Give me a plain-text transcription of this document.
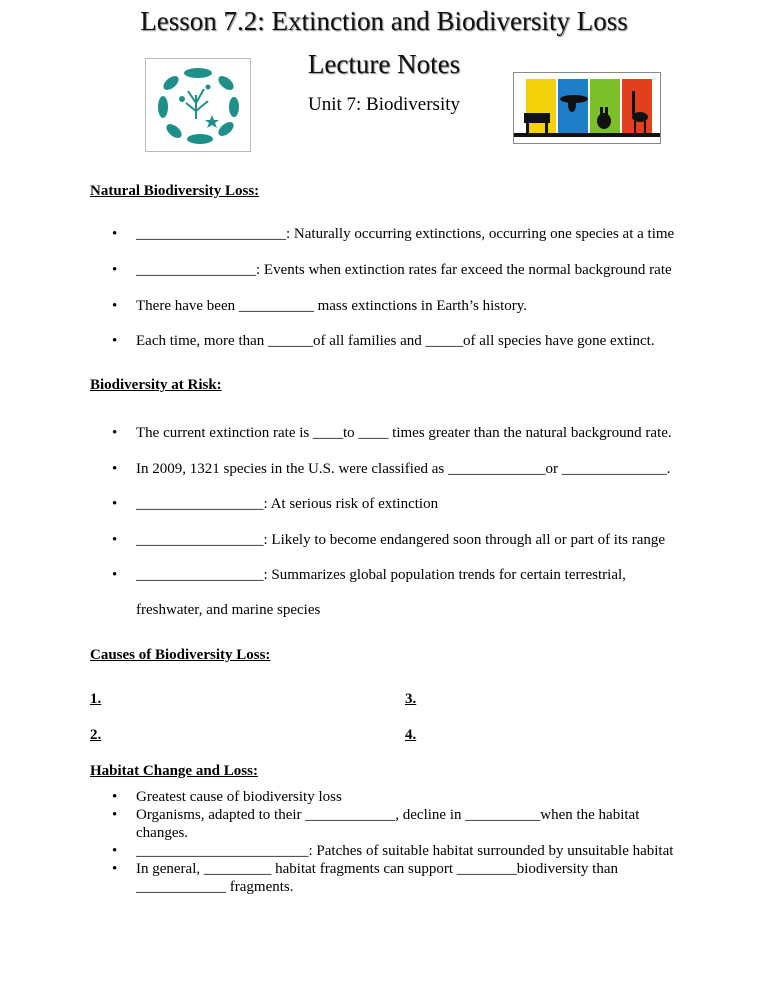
Lesson 7.2: Extinction and Biodiversity Loss
Lecture Notes
Unit 7: Biodiversity
Natural Biodiversity Loss:
• ____________________: Naturally occurring extinctions, occurring one species at a time
• ________________: Events when extinction rates far exceed the normal background rate
• There have been __________ mass extinctions in Earth’s history.
• Each time, more than ______of all families and _____of all species have gone extinct.
Biodiversity at Risk:
• The current extinction rate is ____to ____ times greater than the natural background rate.
• In 2009, 1321 species in the U.S. were classified as _____________or ______________.
• _________________: At serious risk of extinction
• _________________: Likely to become endangered soon through all or part of its range
• _________________: Summarizes global population trends for certain terrestrial,
freshwater, and marine species
Causes of Biodiversity Loss:
1.
2.
3.
4.
Habitat Change and Loss:
• Greatest cause of biodiversity loss
• Organisms, adapted to their ____________, decline in __________when the habitat
changes.
• _______________________: Patches of suitable habitat surrounded by unsuitable habitat
• In general, _________ habitat fragments can support ________biodiversity than
____________ fragments.
